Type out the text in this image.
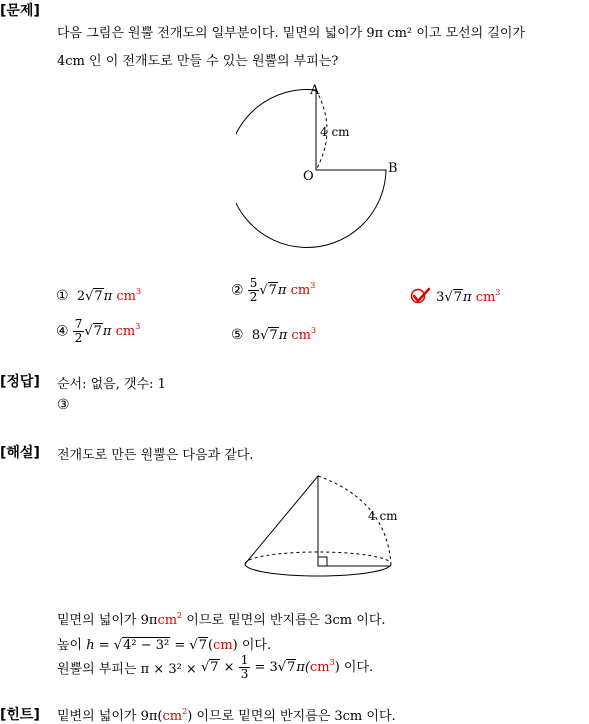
[문제]
다음 그림은 원뿔 전개도의 일부분이다. 밑면의 넓이가 9π cm² 이고 모선의 길이가
4cm 인 이 전개도로 만들 수 있는 원뿔의 부피는?
A
B
O
4 cm
① 2√7π $cm^3$	② $\frac{5}{2} √7\pi$ $cm^3$
3√7π $cm^3$
④ $\frac{7}{2} √7\pi$ $cm^3$
⑤ 8√7π $cm^3$
[정답] 순서: 없음, 갯수: 1
③
[해설] 전개도로 만든 원뿔은 다음과 같다.
4 cm
밑면의 넓이가 9πcm$^2$ 이므로 밑면의 반지름은 3cm 이다.
높이 h = √4² − 3² = √7(cm) 이다.
원뿔의 부피는 $\pi \times 3^2 \times √7 \times \frac{1}{3} = 3√7\pi(cm^3)$ 이다.
[힌트] 밑변의 넓이가 $9\pi(cm^2)$ 이므로 밑면의 반지름은 3cm 이다.
